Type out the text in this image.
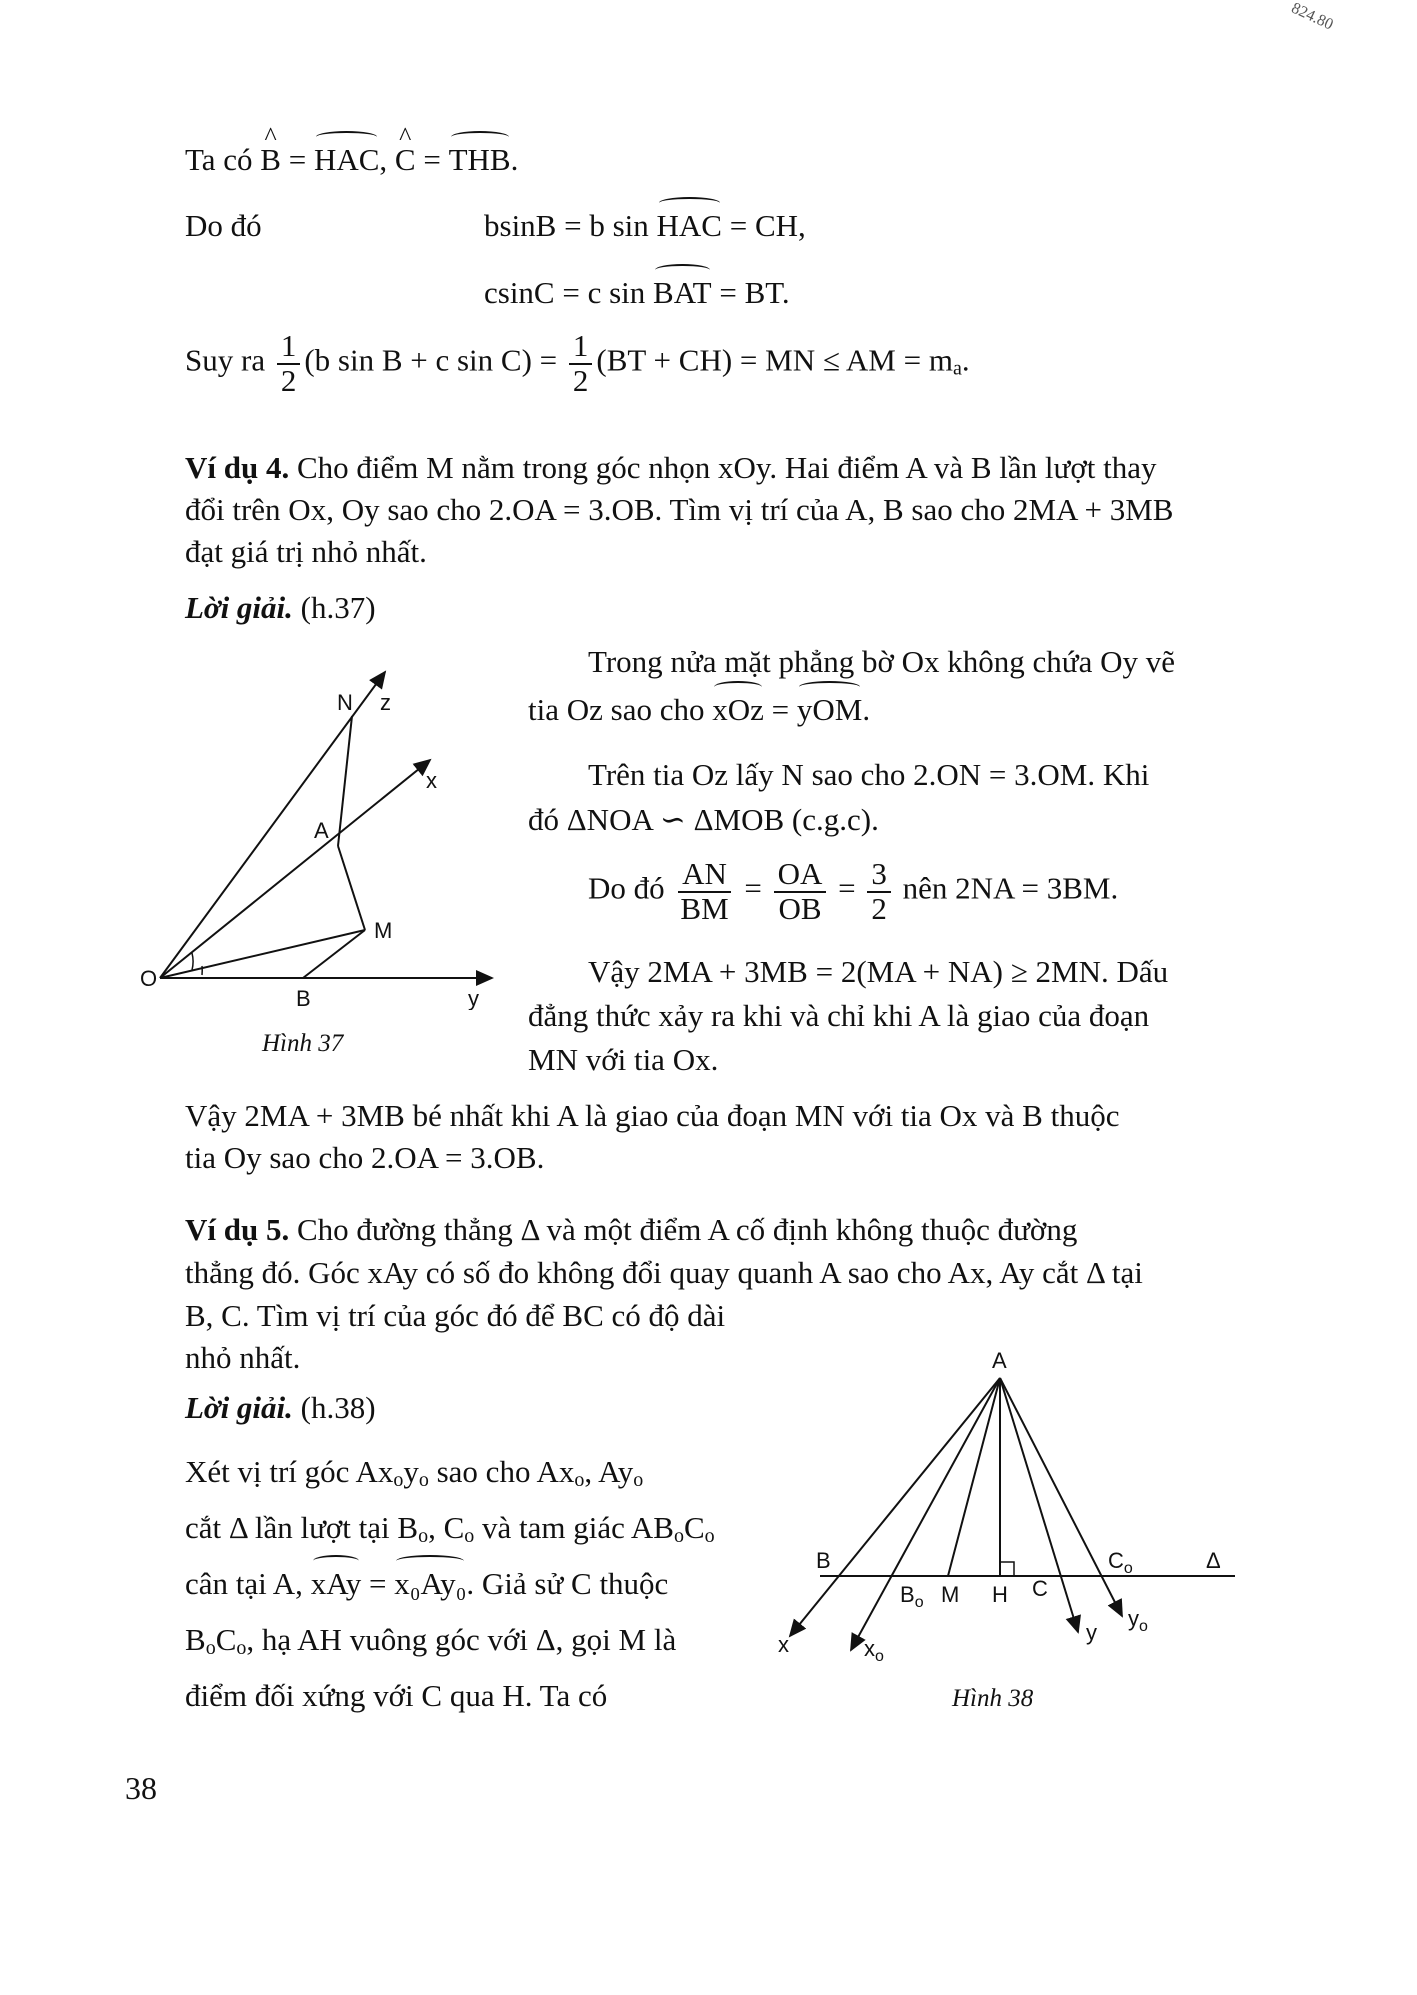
824.80
Ta có ^ B = HAC, ^ C = THB.
Do đó	bsinB = b sin HAC = CH,
csinC = c sin BAT = BT.
Suy ra $\frac{1}{2} (b$ sin B + c $\sin C) = \frac{1}{2} (BT + CH)$ = MN ≤ AM = $m_a$.
Ví dụ 4. Cho điểm M nằm trong góc nhọn xOy. Hai điểm A và B lần lượt thay
đổi trên Ox, Oy sao cho 2.OA = 3.OB. Tìm vị trí của A, B sao cho 2MA + 3MB
đạt giá trị nhỏ nhất.
Lời giải. (h.37)
Trong nửa mặt phẳng bờ Ox không chứa Oy vẽ
tia Oz sao cho xOz = yOM.
Trên tia Oz lấy N sao cho 2.ON = 3.OM. Khi
đó ΔNOA ∽ ΔMOB (c.g.c).
Do đó $\frac{AN}{BM} = \frac{OA}{OB} = \frac{3}{2}$ nên 2NA = 3BM.
Vậy 2MA + 3MB = 2(MA + NA) ≥ 2MN. Dấu
đẳng thức xảy ra khi và chỉ khi A là giao của đoạn
MN với tia Ox.
N z
x
A
M
O
B	y
Hình 37
Vậy 2MA + 3MB bé nhất khi A là giao của đoạn MN với tia Ox và B thuộc
tia Oy sao cho 2.OA = 3.OB.
Ví dụ 5. Cho đường thẳng Δ và một điểm A cố định không thuộc đường
thẳng đó. Góc xAy có số đo không đổi quay quanh A sao cho Ax, Ay cắt Δ tại
B, C. Tìm vị trí của góc đó để BC có độ dài
nhỏ nhất.
Lời giải. (h.38)
Xét vị trí góc $Ax_oy_o$ sao cho $Ax_o$, $Ay_o$
cắt Δ lần lượt tại $B_o$, $C_o$ và tam giác $AB_oC_o$
cân tại A, xAy = x₀Ay₀. Giả sử C thuộc
$B_oC_o$, hạ AH vuông góc với Δ, gọi M là
điểm đối xứng với C qua H. Ta có
A
B
$B_o$ M H C
$C_o$	Δ
x	$x_o$
y
$y_o$
Hình 38
38
